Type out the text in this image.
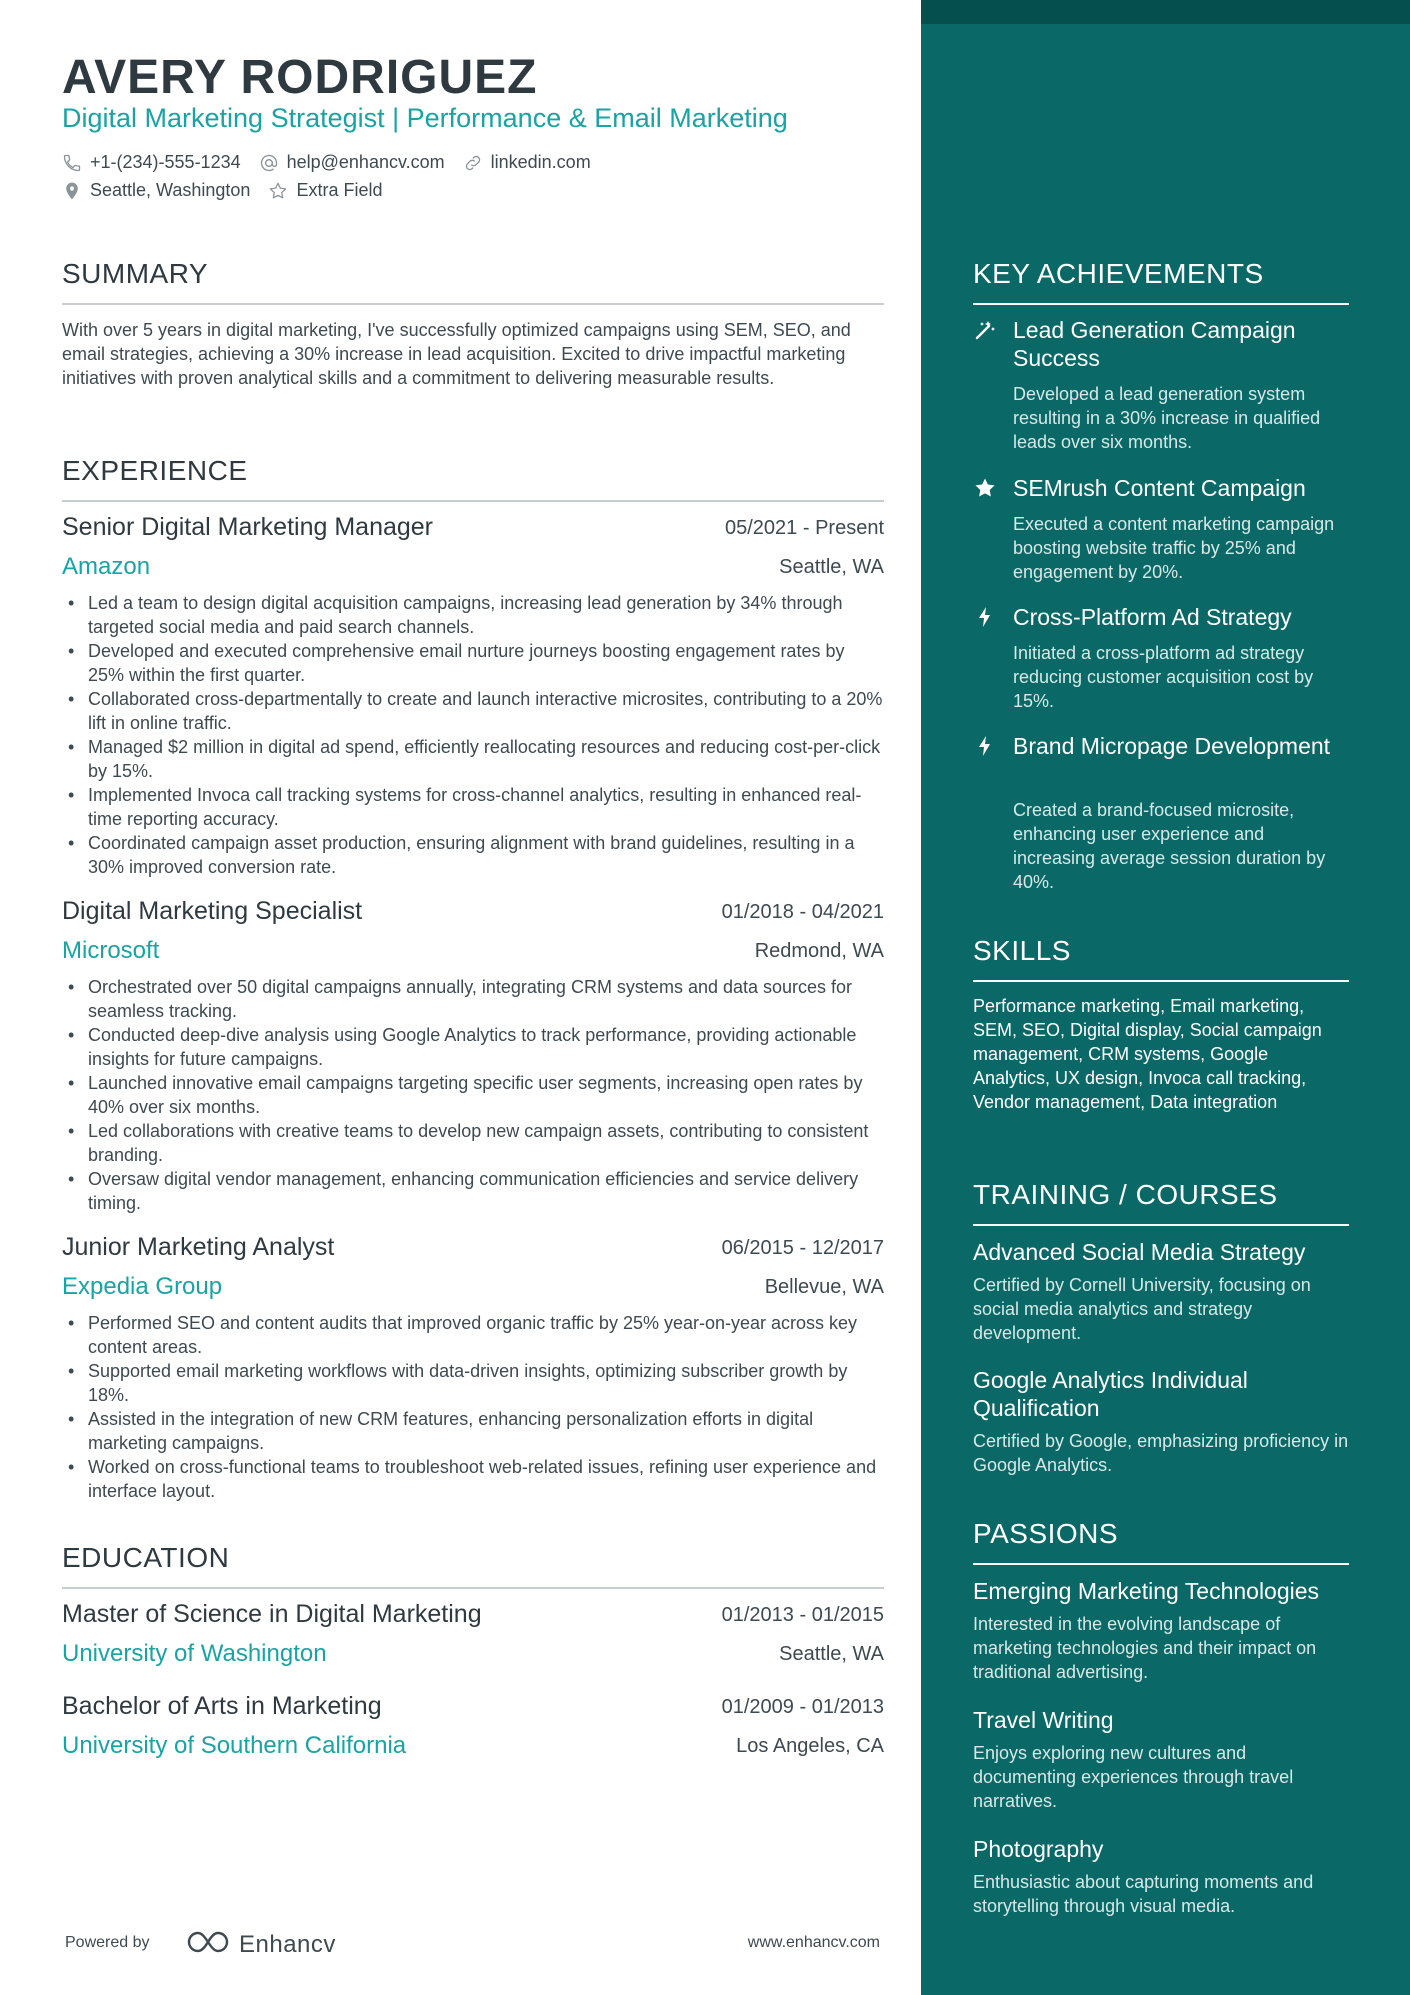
AVERY RODRIGUEZ
Digital Marketing Strategist | Performance & Email Marketing
+1-(234)-555-1234	help@enhancv.com	linkedin.com
Seattle, Washington	Extra Field
SUMMARY
With over 5 years in digital marketing, I've successfully optimized campaigns using SEM, SEO, and email strategies, achieving a 30% increase in lead acquisition. Excited to drive impactful marketing initiatives with proven analytical skills and a commitment to delivering measurable results.
EXPERIENCE
Senior Digital Marketing Manager	05/2021 - Present
Amazon	Seattle, WA
• Led a team to design digital acquisition campaigns, increasing lead generation by 34% through targeted social media and paid search channels.
• Developed and executed comprehensive email nurture journeys boosting engagement rates by 25% within the first quarter.
• Collaborated cross-departmentally to create and launch interactive microsites, contributing to a 20% lift in online traffic.
• Managed $2 million in digital ad spend, efficiently reallocating resources and reducing cost-per-click by 15%.
• Implemented Invoca call tracking systems for cross-channel analytics, resulting in enhanced real-time reporting accuracy.
• Coordinated campaign asset production, ensuring alignment with brand guidelines, resulting in a 30% improved conversion rate.
Digital Marketing Specialist	01/2018 - 04/2021
Microsoft	Redmond, WA
• Orchestrated over 50 digital campaigns annually, integrating CRM systems and data sources for seamless tracking.
• Conducted deep-dive analysis using Google Analytics to track performance, providing actionable insights for future campaigns.
• Launched innovative email campaigns targeting specific user segments, increasing open rates by 40% over six months.
• Led collaborations with creative teams to develop new campaign assets, contributing to consistent branding.
• Oversaw digital vendor management, enhancing communication efficiencies and service delivery timing.
Junior Marketing Analyst	06/2015 - 12/2017
Expedia Group	Bellevue, WA
• Performed SEO and content audits that improved organic traffic by 25% year-on-year across key content areas.
• Supported email marketing workflows with data-driven insights, optimizing subscriber growth by 18%.
• Assisted in the integration of new CRM features, enhancing personalization efforts in digital marketing campaigns.
• Worked on cross-functional teams to troubleshoot web-related issues, refining user experience and interface layout.
EDUCATION
Master of Science in Digital Marketing	01/2013 - 01/2015
University of Washington	Seattle, WA
Bachelor of Arts in Marketing	01/2009 - 01/2013
University of Southern California	Los Angeles, CA
Powered by	Enhancv	www.enhancv.com
KEY ACHIEVEMENTS
Lead Generation Campaign Success
Developed a lead generation system resulting in a 30% increase in qualified leads over six months.
SEMrush Content Campaign
Executed a content marketing campaign boosting website traffic by 25% and engagement by 20%.
Cross-Platform Ad Strategy
Initiated a cross-platform ad strategy reducing customer acquisition cost by 15%.
Brand Micropage Development
Created a brand-focused microsite, enhancing user experience and increasing average session duration by 40%.
SKILLS
Performance marketing, Email marketing, SEM, SEO, Digital display, Social campaign management, CRM systems, Google Analytics, UX design, Invoca call tracking, Vendor management, Data integration
TRAINING / COURSES
Advanced Social Media Strategy
Certified by Cornell University, focusing on social media analytics and strategy development.
Google Analytics Individual Qualification
Certified by Google, emphasizing proficiency in Google Analytics.
PASSIONS
Emerging Marketing Technologies
Interested in the evolving landscape of marketing technologies and their impact on traditional advertising.
Travel Writing
Enjoys exploring new cultures and documenting experiences through travel narratives.
Photography
Enthusiastic about capturing moments and storytelling through visual media.
